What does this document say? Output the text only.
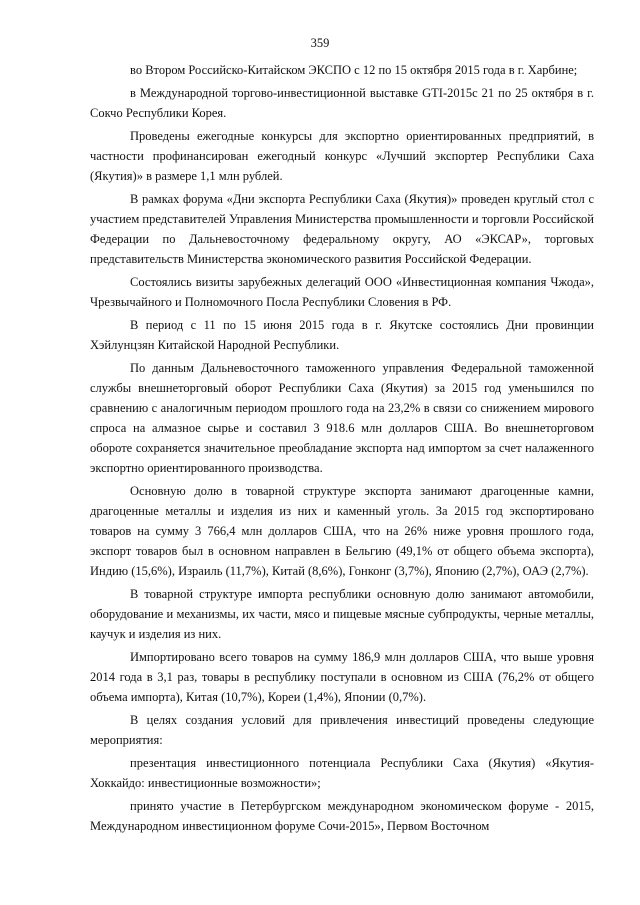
359

во Втором Российско-Китайском ЭКСПО с 12 по 15 октября 2015 года в г. Харбине;

в Международной торгово-инвестиционной выставке GTI-2015с 21 по 25 октября в г. Сокчо Республики Корея.

Проведены ежегодные конкурсы для экспортно ориентированных предприятий, в частности профинансирован ежегодный конкурс «Лучший экспортер Республики Саха (Якутия)» в размере 1,1 млн рублей.

В рамках форума «Дни экспорта Республики Саха (Якутия)» проведен круглый стол с участием представителей Управления Министерства промышленности и торговли Российской Федерации по Дальневосточному федеральному округу, АО «ЭКСАР», торговых представительств Министерства экономического развития Российской Федерации.

Состоялись визиты зарубежных делегаций ООО «Инвестиционная компания Чжода», Чрезвычайного и Полномочного Посла Республики Словения в РФ.

В период с 11 по 15 июня 2015 года в г. Якутске состоялись Дни провинции Хэйлунцзян Китайской Народной Республики.

По данным Дальневосточного таможенного управления Федеральной таможенной службы внешнеторговый оборот Республики Саха (Якутия) за 2015 год уменьшился по сравнению с аналогичным периодом прошлого года на 23,2% в связи со снижением мирового спроса на алмазное сырье и составил 3 918.6 млн долларов США. Во внешнеторговом обороте сохраняется значительное преобладание экспорта над импортом за счет налаженного экспортно ориентированного производства.

Основную долю в товарной структуре экспорта занимают драгоценные камни, драгоценные металлы и изделия из них и каменный уголь. За 2015 год экспортировано товаров на сумму 3 766,4 млн долларов США, что на 26% ниже уровня прошлого года, экспорт товаров был в основном направлен в Бельгию (49,1% от общего объема экспорта), Индию (15,6%), Израиль (11,7%), Китай (8,6%), Гонконг (3,7%), Японию (2,7%), ОАЭ (2,7%).

В товарной структуре импорта республики основную долю занимают автомобили, оборудование и механизмы, их части, мясо и пищевые мясные субпродукты, черные металлы, каучук и изделия из них.

Импортировано всего товаров на сумму 186,9 млн долларов США, что выше уровня 2014 года в 3,1 раз, товары в республику поступали в основном из США (76,2% от общего объема импорта), Китая (10,7%), Кореи (1,4%), Японии (0,7%).

В целях создания условий для привлечения инвестиций проведены следующие мероприятия:

презентация инвестиционного потенциала Республики Саха (Якутия) «Якутия-Хоккайдо: инвестиционные возможности»;

принято участие в Петербургском международном экономическом форуме - 2015, Международном инвестиционном форуме Сочи-2015», Первом Восточном
